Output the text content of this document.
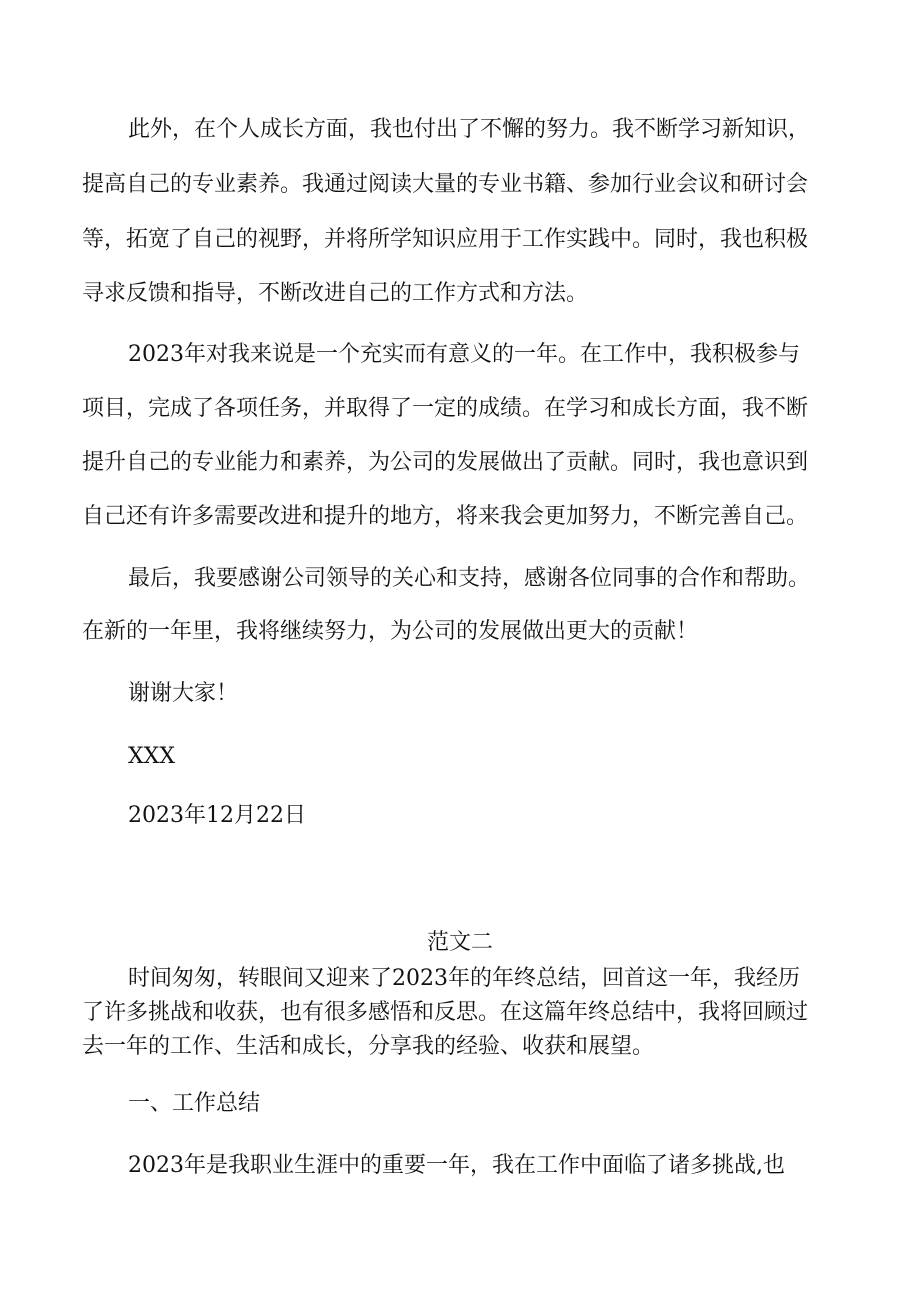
此外，在个人成长方面，我也付出了不懈的努力。我不断学习新知识，

提高自己的专业素养。我通过阅读大量的专业书籍、参加行业会议和研讨会

等，拓宽了自己的视野，并将所学知识应用于工作实践中。同时，我也积极

寻求反馈和指导，不断改进自己的工作方式和方法。

2023年对我来说是一个充实而有意义的一年。在工作中，我积极参与

项目，完成了各项任务，并取得了一定的成绩。在学习和成长方面，我不断

提升自己的专业能力和素养，为公司的发展做出了贡献。同时，我也意识到

自己还有许多需要改进和提升的地方，将来我会更加努力，不断完善自己。

最后，我要感谢公司领导的关心和支持，感谢各位同事的合作和帮助。

在新的一年里，我将继续努力，为公司的发展做出更大的贡献！

谢谢大家！

XXX

2023年12月22日

范文二

时间匆匆，转眼间又迎来了2023年的年终总结，回首这一年，我经历

了许多挑战和收获，也有很多感悟和反思。在这篇年终总结中，我将回顾过

去一年的工作、生活和成长，分享我的经验、收获和展望。

一、工作总结

2023年是我职业生涯中的重要一年，我在工作中面临了诸多挑战,也
